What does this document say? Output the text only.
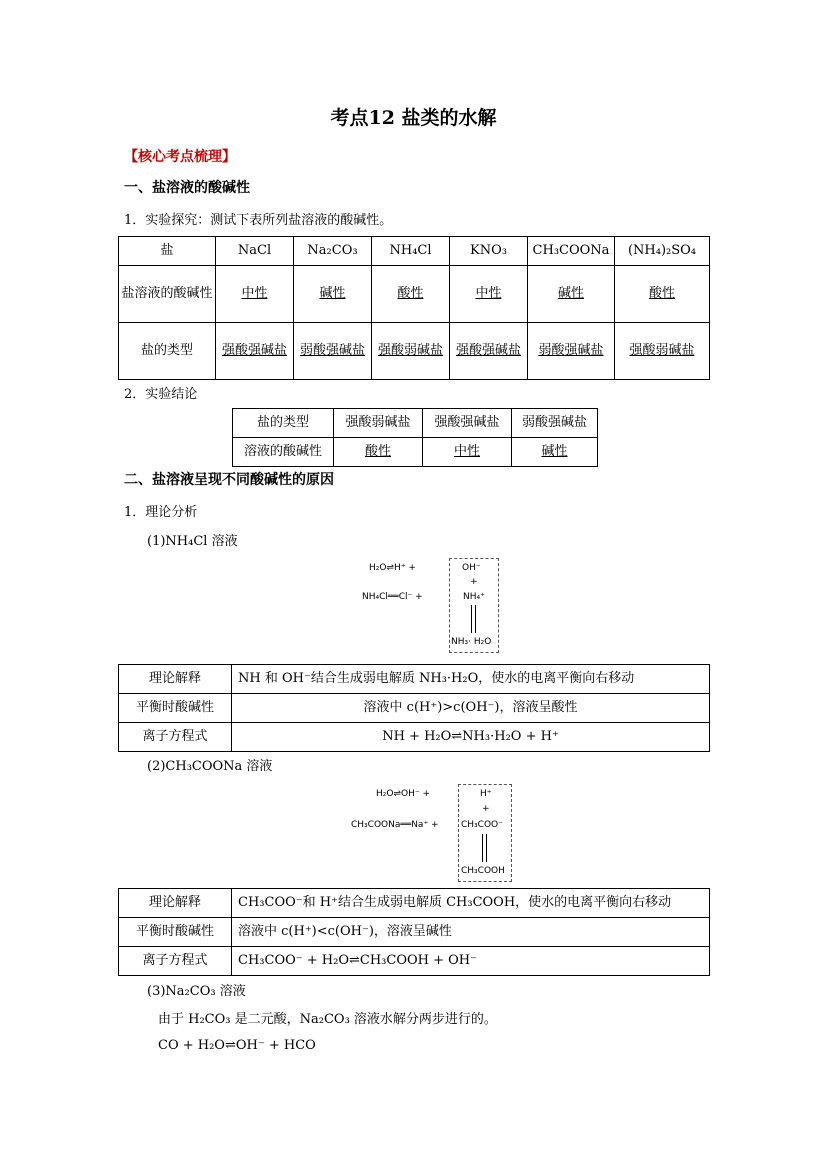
考点12 盐类的水解
【核心考点梳理】
一、盐溶液的酸碱性
1．实验探究：测试下表所列盐溶液的酸碱性。
盐	NaCl	Na₂CO₃	NH₄Cl	KNO₃	CH₃COONa	(NH₄)₂SO₄
盐溶液的酸碱性	中性	碱性	酸性	中性	碱性	酸性
盐的类型	强酸强碱盐	弱酸强碱盐	强酸弱碱盐	强酸强碱盐	弱酸强碱盐	强酸弱碱盐
2．实验结论
盐的类型	强酸弱碱盐	强酸强碱盐	弱酸强碱盐
溶液的酸碱性	酸性	中性	碱性
二、盐溶液呈现不同酸碱性的原因
1．理论分析
(1)NH₄Cl 溶液
H₂O⇌H⁺ +
NH₄Cl══Cl⁻ +
OH⁻
+
NH₄⁺
NH₃· H₂O
理论解释	NH 和 OH⁻结合生成弱电解质 NH₃·H₂O，使水的电离平衡向右移动
平衡时酸碱性	溶液中 c(H⁺)>c(OH⁻)，溶液呈酸性
离子方程式	NH + H₂O⇌NH₃·H₂O + H⁺
(2)CH₃COONa 溶液
H₂O⇌OH⁻ +
CH₃COONa══Na⁺ +
H⁺
+
CH₃COO⁻
CH₃COOH
理论解释	CH₃COO⁻和 H⁺结合生成弱电解质 CH₃COOH，使水的电离平衡向右移动
平衡时酸碱性	溶液中 c(H⁺)<c(OH⁻)，溶液呈碱性
离子方程式	CH₃COO⁻ + H₂O⇌CH₃COOH + OH⁻
(3)Na₂CO₃ 溶液
由于 H₂CO₃ 是二元酸，Na₂CO₃ 溶液水解分两步进行的。
CO + H₂O⇌OH⁻ + HCO
